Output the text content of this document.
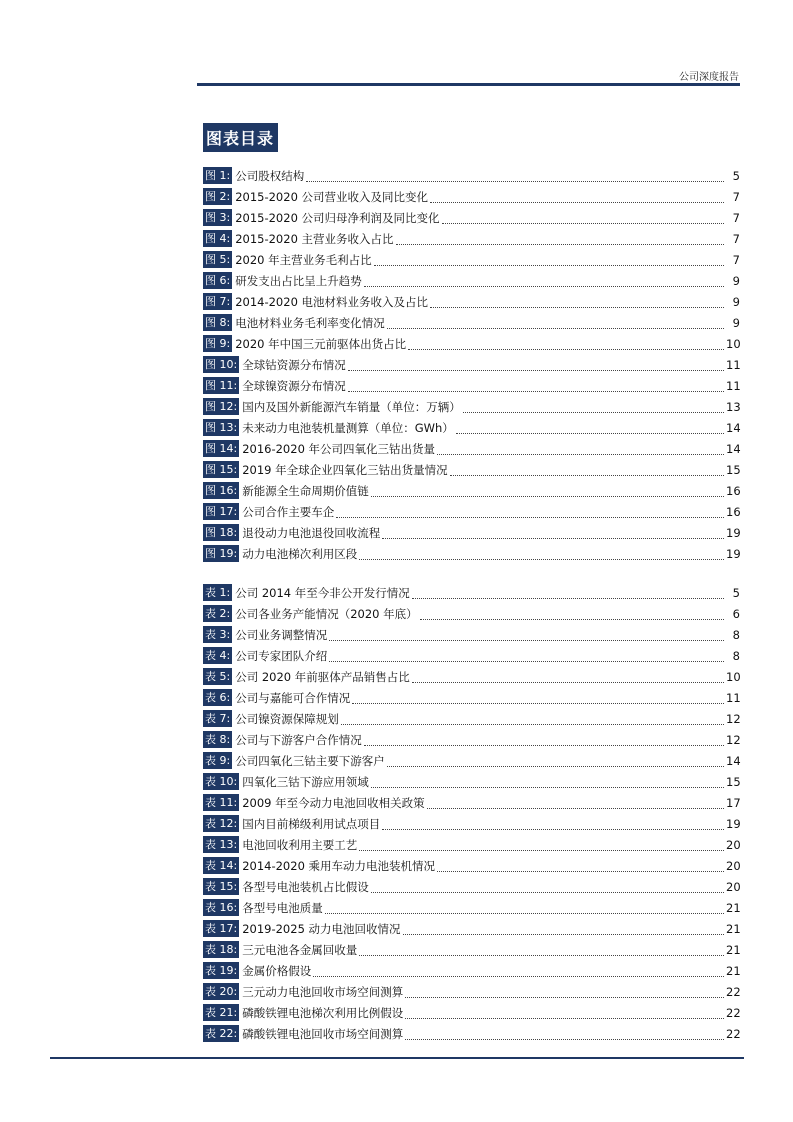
公司深度报告
图表目录
图 1: 公司股权结构	5
图 2: 2015-2020 公司营业收入及同比变化	7
图 3: 2015-2020 公司归母净利润及同比变化	7
图 4: 2015-2020 主营业务收入占比	7
图 5: 2020 年主营业务毛利占比	7
图 6: 研发支出占比呈上升趋势	9
图 7: 2014-2020 电池材料业务收入及占比	9
图 8: 电池材料业务毛利率变化情况	9
图 9: 2020 年中国三元前驱体出货占比	10
图 10: 全球钴资源分布情况	11
图 11: 全球镍资源分布情况	11
图 12: 国内及国外新能源汽车销量（单位：万辆）	13
图 13: 未来动力电池装机量测算（单位：GWh）	14
图 14: 2016-2020 年公司四氧化三钴出货量	14
图 15: 2019 年全球企业四氧化三钴出货量情况	15
图 16: 新能源全生命周期价值链	16
图 17: 公司合作主要车企	16
图 18: 退役动力电池退役回收流程	19
图 19: 动力电池梯次利用区段	19
表 1: 公司 2014 年至今非公开发行情况	5
表 2: 公司各业务产能情况（2020 年底）	6
表 3: 公司业务调整情况	8
表 4: 公司专家团队介绍	8
表 5: 公司 2020 年前驱体产品销售占比	10
表 6: 公司与嘉能可合作情况	11
表 7: 公司镍资源保障规划	12
表 8: 公司与下游客户合作情况	12
表 9: 公司四氧化三钴主要下游客户	14
表 10: 四氧化三钴下游应用领域	15
表 11: 2009 年至今动力电池回收相关政策	17
表 12: 国内目前梯级利用试点项目	19
表 13: 电池回收利用主要工艺	20
表 14: 2014-2020 乘用车动力电池装机情况	20
表 15: 各型号电池装机占比假设	20
表 16: 各型号电池质量	21
表 17: 2019-2025 动力电池回收情况	21
表 18: 三元电池各金属回收量	21
表 19: 金属价格假设	21
表 20: 三元动力电池回收市场空间测算	22
表 21: 磷酸铁锂电池梯次利用比例假设	22
表 22: 磷酸铁锂电池回收市场空间测算	22
